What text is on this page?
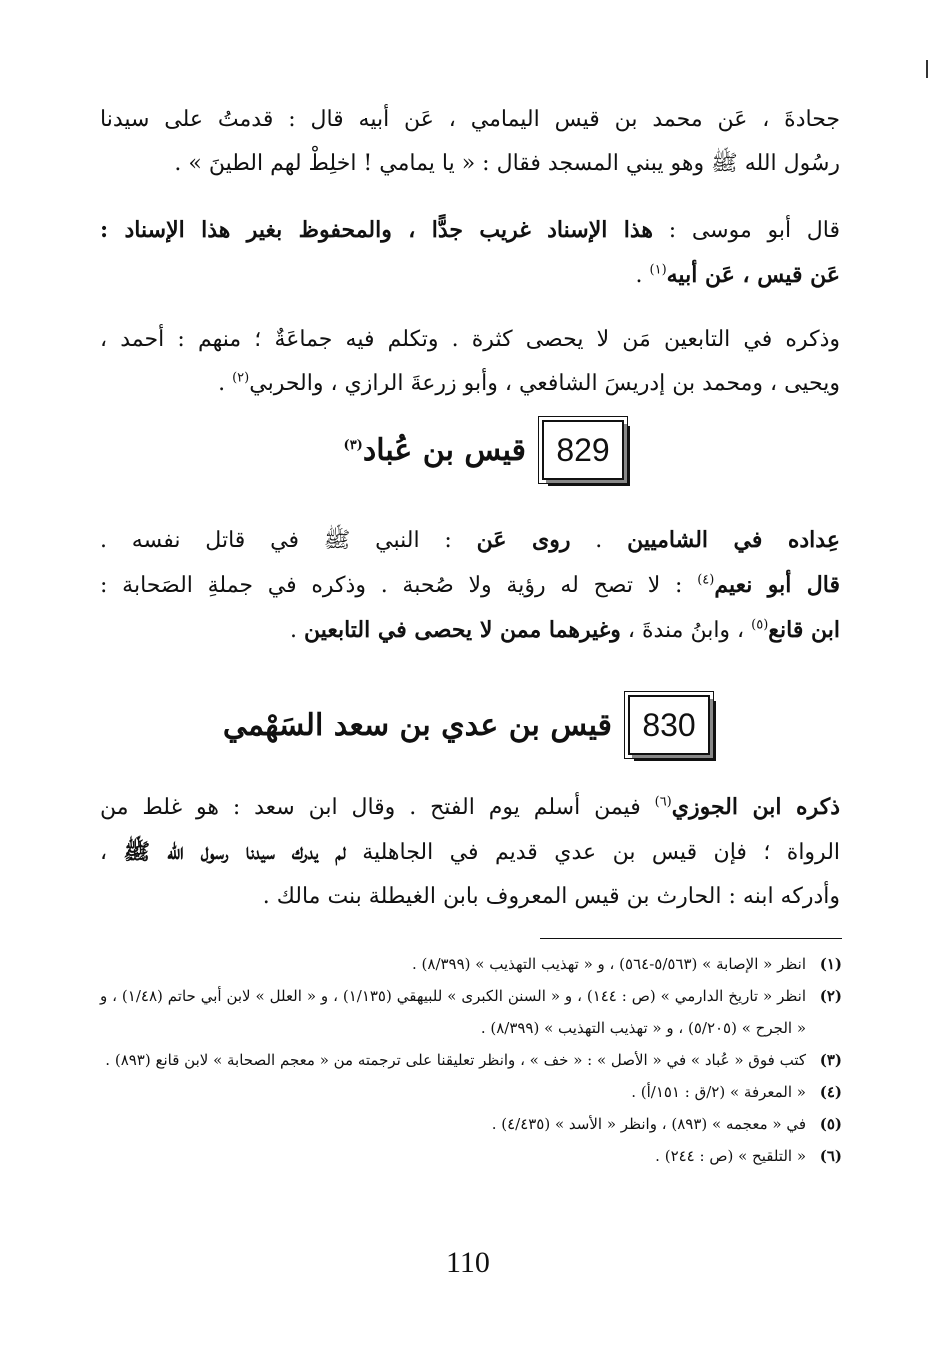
جحادةَ ، عَن محمد بن قيس اليمامي ، عَن أبيه قال : قدمتُ على سيدنا
رسُول الله ﷺ وهو يبني المسجد فقال : « يا يمامي ! اخلِطْ لهم الطينَ » .
قال أبو موسى : هذا الإسناد غريب جدًّا ، والمحفوظ بغير هذا الإسناد :
عَن قيس ، عَن أبيه$^{(١)}$ .
وذكره في التابعين مَن لا يحصى كثرة . وتكلم فيه جماعَةٌ ؛ منهم : أحمد ،
ويحيى ، ومحمد بن إدريسَ الشافعي ، وأبو زرعةَ الرازي ، والحربي$^{(٢)}$ .
829
قيس بن عُباد$^{(٣)}$
عِداده في الشاميين . روى عَن : النبي ﷺ في قاتل نفسه .
قال أبو نعيم$^{(٤)}$ : لا تصح له رؤية ولا صُحبة . وذكره في جملةِ الصَحابة :
ابن قانع$^{(٥)}$ ، وابنُ مندةَ ، وغيرهما ممن لا يحصى في التابعين .
830
قيس بن عدي بن سعد السَهْمي
ذكره ابن الجوزي$^{(٦)}$ فيمن أسلم يوم الفتح . وقال ابن سعد : هو غلط من
الرواة ؛ فإن قيس بن عدي قديم في الجاهلية لم يدرك سيدنا رسول الله ﷺ ،
وأدركه ابنه : الحارث بن قيس المعروف بابن الغيطلة بنت مالك .
(١)
انظر « الإصابة » (٥/٥٦٣-٥٦٤) ، و « تهذيب التهذيب » (٨/٣٩٩) .
(٢)
انظر « تاريخ الدارمي » (ص : ١٤٤) ، و « السنن الكبرى » للبيهقي (١/١٣٥) ، و « العلل » لابن أبي حاتم (١/٤٨) ، و « الجرح » (٥/٢٠٥) ، و « تهذيب التهذيب » (٨/٣٩٩) .
(٣)
كتب فوق « عُباد » في « الأصل » : « خف » ، وانظر تعليقنا على ترجمته من « معجم الصحابة » لابن قانع (٨٩٣) .
(٤)
« المعرفة » (٢/ق : ١٥١/أ) .
(٥)
في « معجمه » (٨٩٣) ، وانظر « الأسد » (٤/٤٣٥) .
(٦)
« التلقيح » (ص : ٢٤٤) .
110
